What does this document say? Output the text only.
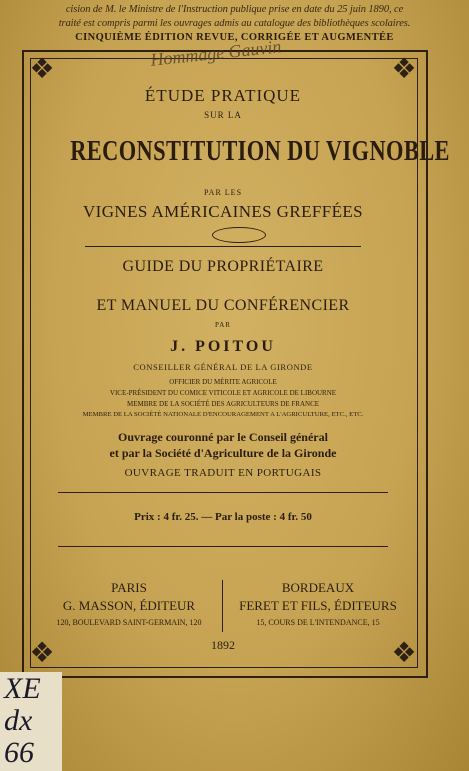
cision de M. le Ministre de l'Instruction publique prise en date du 25 juin 1890, ce
traité est compris parmi les ouvrages admis au catalogue des bibliothèques scolaires.
CINQUIÈME ÉDITION REVUE, CORRIGÉE ET AUGMENTÉE
❖	❖
❖	❖
Hommage Gauvin
ÉTUDE PRATIQUE
SUR LA
RECONSTITUTION DU VIGNOBLE
PAR LES
VIGNES AMÉRICAINES GREFFÉES
GUIDE DU PROPRIÉTAIRE
ET MANUEL DU CONFÉRENCIER
PAR
J. POITOU
CONSEILLER GÉNÉRAL DE LA GIRONDE
OFFICIER DU MÉRITE AGRICOLE
VICE-PRÉSIDENT DU COMICE VITICOLE ET AGRICOLE DE LIBOURNE
MEMBRE DE LA SOCIÉTÉ DES AGRICULTEURS DE FRANCE
MEMBRE DE LA SOCIÉTÉ NATIONALE D'ENCOURAGEMENT A L'AGRICULTURE, ETC., ETC.
Ouvrage couronné par le Conseil général
et par la Société d'Agriculture de la Gironde
OUVRAGE TRADUIT EN PORTUGAIS
Prix : 4 fr. 25. — Par la poste : 4 fr. 50
PARIS
G. MASSON, ÉDITEUR
120, BOULEVARD SAINT-GERMAIN, 120
BORDEAUX
FERET ET FILS, ÉDITEURS
15, COURS DE L'INTENDANCE, 15
1892
XE
dx
66
